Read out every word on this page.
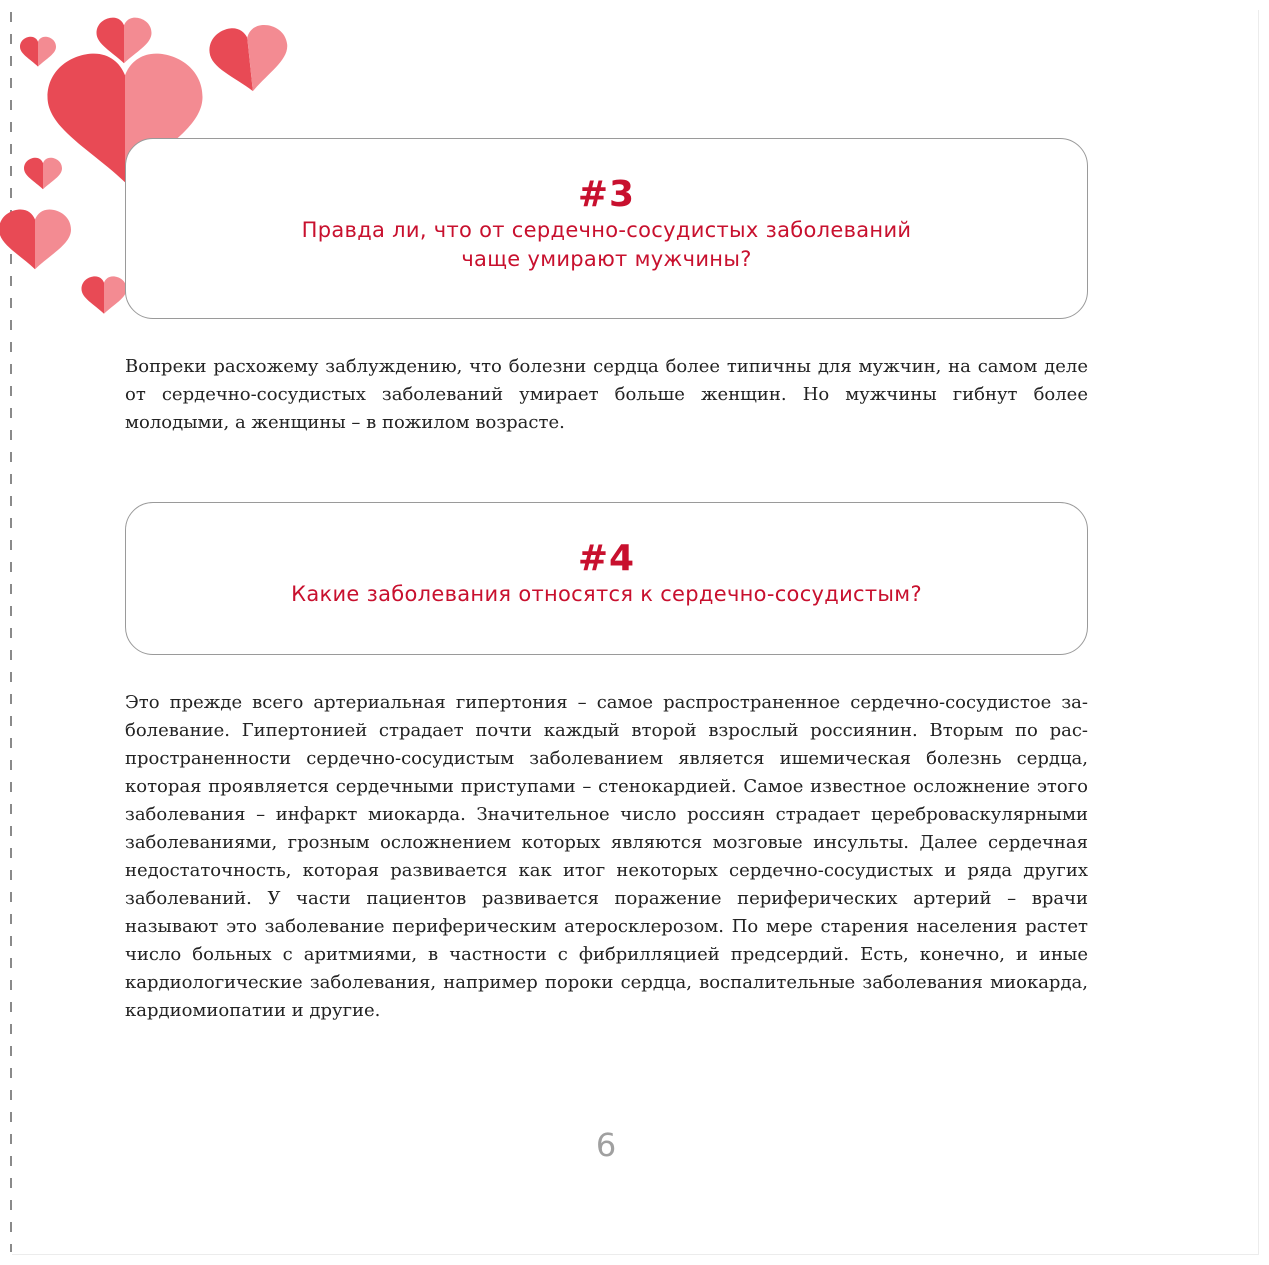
#3
Правда ли, что от сердечно-сосудистых заболеваний
чаще умирают мужчины?

Вопреки расхожему заблуждению, что болезни сердца более типичны для мужчин, на самом деле от сердечно-сосудистых заболеваний умирает больше женщин. Но мужчины гибнут более молодыми, а женщины – в пожилом возрасте.

#4
Какие заболевания относятся к сердечно-сосудистым?

Это прежде всего артериальная гипертония – самое распространенное сердечно-сосудистое заболевание. Гипертонией страдает почти каждый второй взрослый россиянин. Вторым по распространенности сердечно-сосудистым заболеванием является ишемическая болезнь сердца, которая проявляется сердечными приступами – стенокардией. Самое известное осложнение этого заболевания – инфаркт миокарда. Значительное число россиян страдает цереброваскулярными заболеваниями, грозным осложнением которых являются мозговые инсульты. Далее сердечная недостаточность, которая развивается как итог некоторых сердечно-сосудистых и ряда других заболеваний. У части пациентов развивается поражение периферических артерий – врачи называют это заболевание периферическим атеросклерозом. По мере старения населения растет число больных с аритмиями, в частности с фибрилляцией предсердий. Есть, конечно, и иные кардиологические заболевания, например пороки сердца, воспалительные заболевания миокарда, кардиомиопатии и другие.

6
